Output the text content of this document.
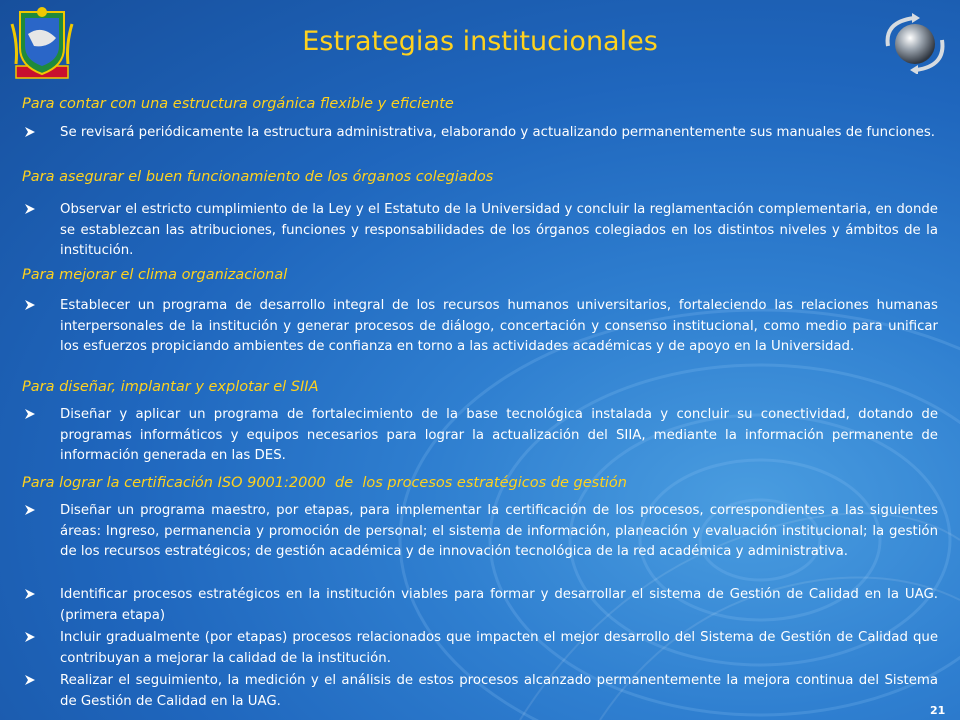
Estrategias institucionales
Para contar con una estructura orgánica flexible y eficiente
Se revisará periódicamente la estructura administrativa, elaborando y actualizando permanentemente sus manuales de funciones.
Para asegurar el buen funcionamiento de los órganos colegiados
Observar el estricto cumplimiento de la Ley y el Estatuto de la Universidad y concluir la reglamentación complementaria, en donde se establezcan las atribuciones, funciones y responsabilidades de los órganos colegiados en los distintos niveles y ámbitos de la institución.
Para mejorar el clima organizacional
Establecer un programa de desarrollo integral de los recursos humanos universitarios, fortaleciendo las relaciones humanas interpersonales de la institución y generar procesos de diálogo, concertación y consenso institucional, como medio para unificar los esfuerzos propiciando ambientes de confianza en torno a las actividades académicas y de apoyo en la Universidad.
Para diseñar, implantar y explotar el SIIA
Diseñar y aplicar un programa de fortalecimiento de la base tecnológica instalada y concluir su conectividad, dotando de programas informáticos y equipos necesarios para lograr la actualización del SIIA, mediante la información permanente de información generada en las DES.
Para lograr la certificación ISO 9001:2000  de  los procesos estratégicos de gestión
Diseñar un programa maestro, por etapas, para implementar la certificación de los procesos, correspondientes a las siguientes áreas: Ingreso, permanencia y promoción de personal; el sistema de información, planeación y evaluación institucional; la gestión de los recursos estratégicos; de gestión académica y de innovación tecnológica de la red académica y administrativa.
Identificar procesos estratégicos en la institución viables para formar y desarrollar el sistema de Gestión de Calidad en la UAG. (primera etapa)
Incluir gradualmente (por etapas) procesos relacionados que impacten el mejor desarrollo del Sistema de Gestión de Calidad que contribuyan a mejorar la calidad de la institución.
Realizar el seguimiento, la medición y el análisis de estos procesos alcanzado permanentemente la mejora continua del Sistema de Gestión de Calidad en la UAG.
21
